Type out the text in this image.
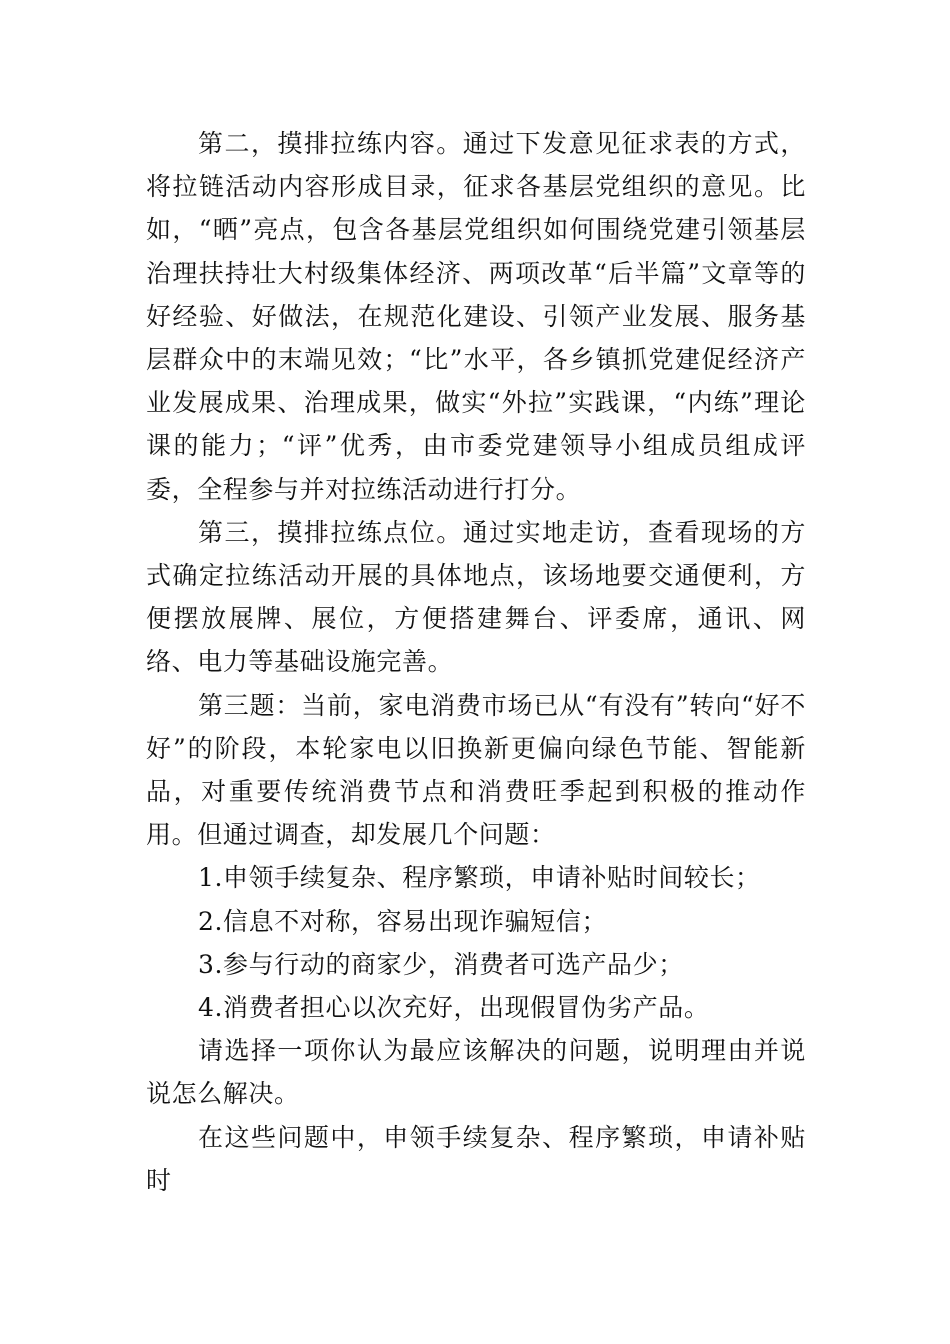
第二，摸排拉练内容。通过下发意见征求表的方式，将拉链活动内容形成目录，征求各基层党组织的意见。比如，“晒”亮点，包含各基层党组织如何围绕党建引领基层治理扶持壮大村级集体经济、两项改革“后半篇”文章等的好经验、好做法，在规范化建设、引领产业发展、服务基层群众中的末端见效；“比”水平，各乡镇抓党建促经济产业发展成果、治理成果，做实“外拉”实践课，“内练”理论课的能力；“评”优秀，由市委党建领导小组成员组成评委，全程参与并对拉练活动进行打分。

第三，摸排拉练点位。通过实地走访，查看现场的方式确定拉练活动开展的具体地点，该场地要交通便利，方便摆放展牌、展位，方便搭建舞台、评委席，通讯、网络、电力等基础设施完善。

第三题：当前，家电消费市场已从“有没有”转向“好不好”的阶段，本轮家电以旧换新更偏向绿色节能、智能新品，对重要传统消费节点和消费旺季起到积极的推动作用。但通过调查，却发展几个问题：

1.申领手续复杂、程序繁琐，申请补贴时间较长；

2.信息不对称，容易出现诈骗短信；

3.参与行动的商家少，消费者可选产品少；

4.消费者担心以次充好，出现假冒伪劣产品。

请选择一项你认为最应该解决的问题，说明理由并说说怎么解决。

在这些问题中，申领手续复杂、程序繁琐，申请补贴时
